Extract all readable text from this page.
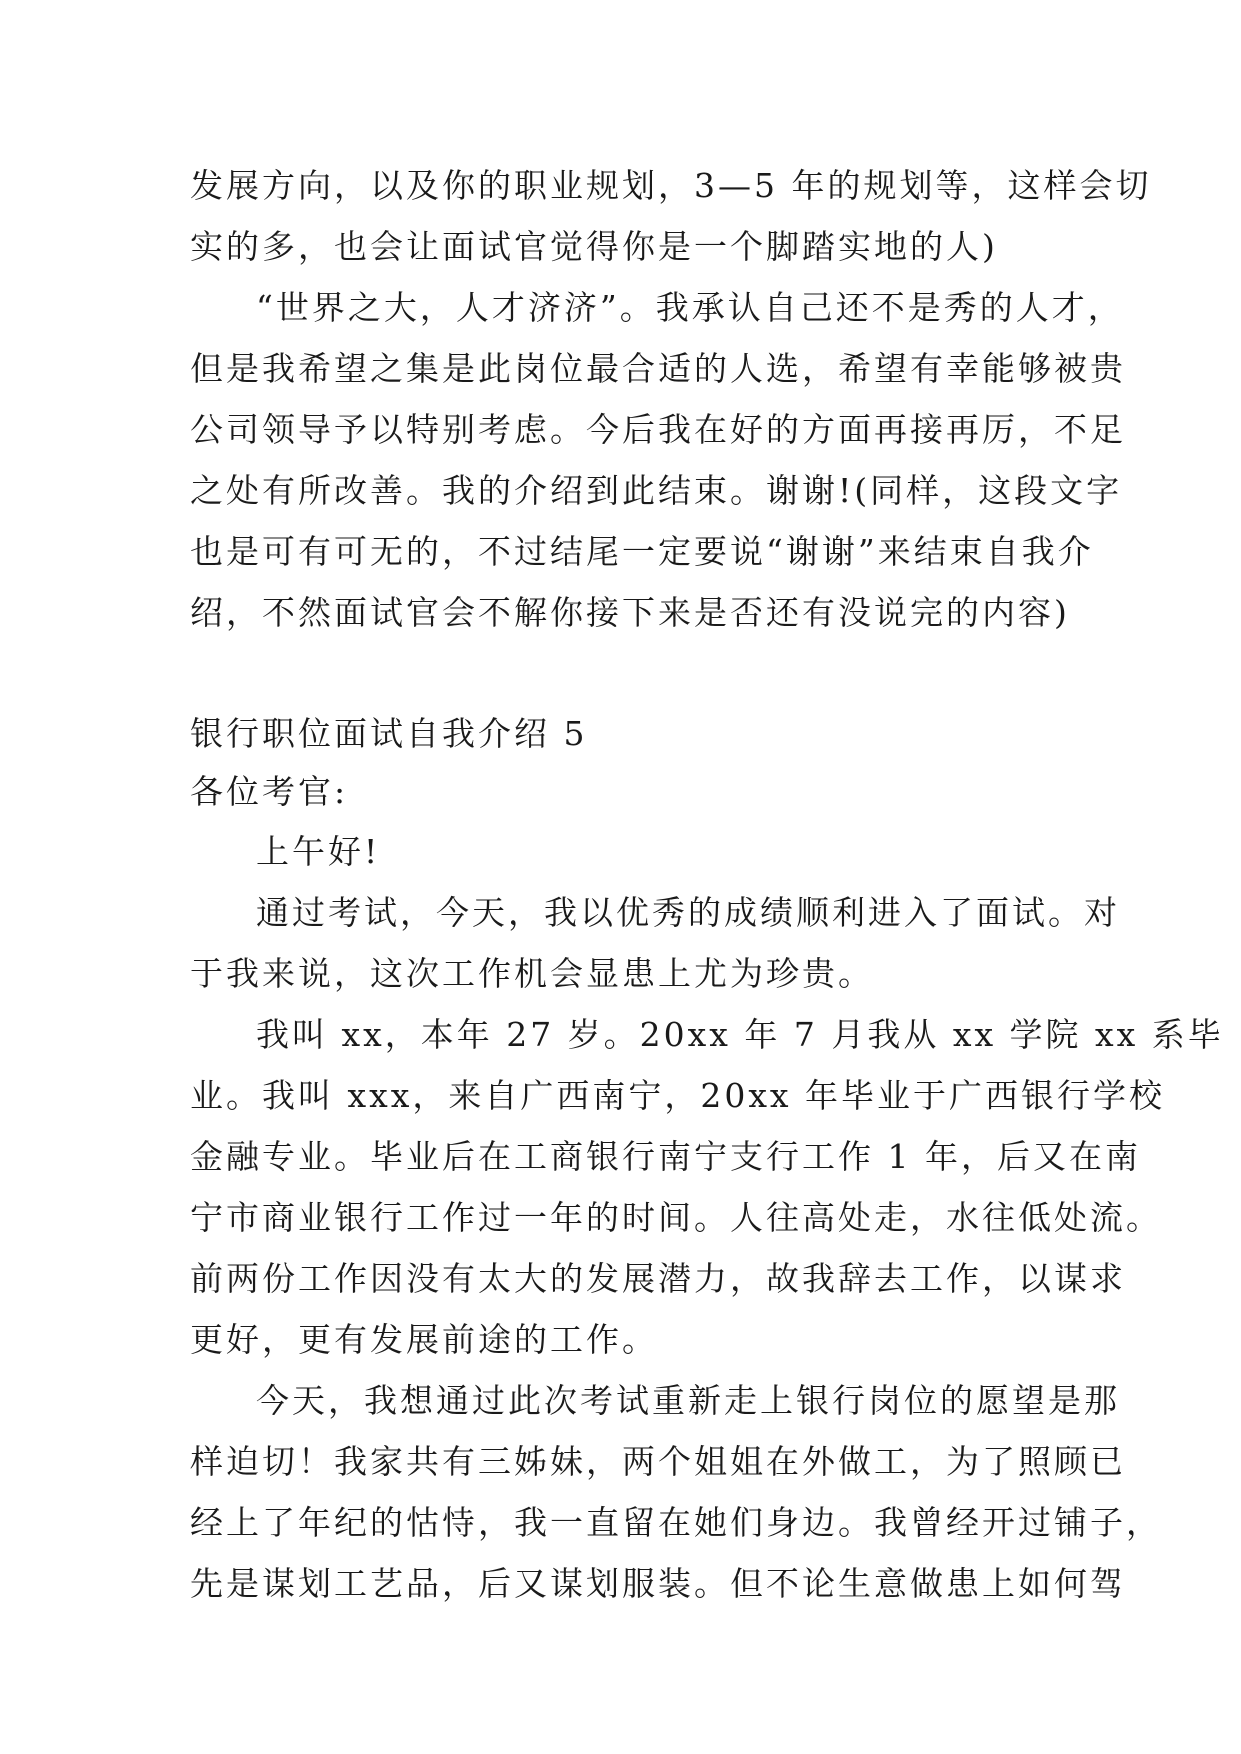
发展方向，以及你的职业规划，3—5 年的规划等，这样会切

实的多，也会让面试官觉得你是一个脚踏实地的人)

“世界之大，人才济济”。我承认自己还不是秀的人才，

但是我希望之集是此岗位最合适的人选，希望有幸能够被贵

公司领导予以特别考虑。今后我在好的方面再接再厉，不足

之处有所改善。我的介绍到此结束。谢谢!(同样，这段文字

也是可有可无的，不过结尾一定要说“谢谢”来结束自我介

绍，不然面试官会不解你接下来是否还有没说完的内容)

银行职位面试自我介绍 5

各位考官:

上午好!

通过考试，今天，我以优秀的成绩顺利进入了面试。对

于我来说，这次工作机会显患上尤为珍贵。

我叫 xx，本年 27 岁。20xx 年 7 月我从 xx 学院 xx 系毕

业。我叫 xxx，来自广西南宁，20xx 年毕业于广西银行学校

金融专业。毕业后在工商银行南宁支行工作 1 年，后又在南

宁市商业银行工作过一年的时间。人往高处走，水往低处流。

前两份工作因没有太大的发展潜力，故我辞去工作，以谋求

更好，更有发展前途的工作。

今天，我想通过此次考试重新走上银行岗位的愿望是那

样迫切！我家共有三姊妹，两个姐姐在外做工，为了照顾已

经上了年纪的怙恃，我一直留在她们身边。我曾经开过铺子，

先是谋划工艺品，后又谋划服装。但不论生意做患上如何驾
